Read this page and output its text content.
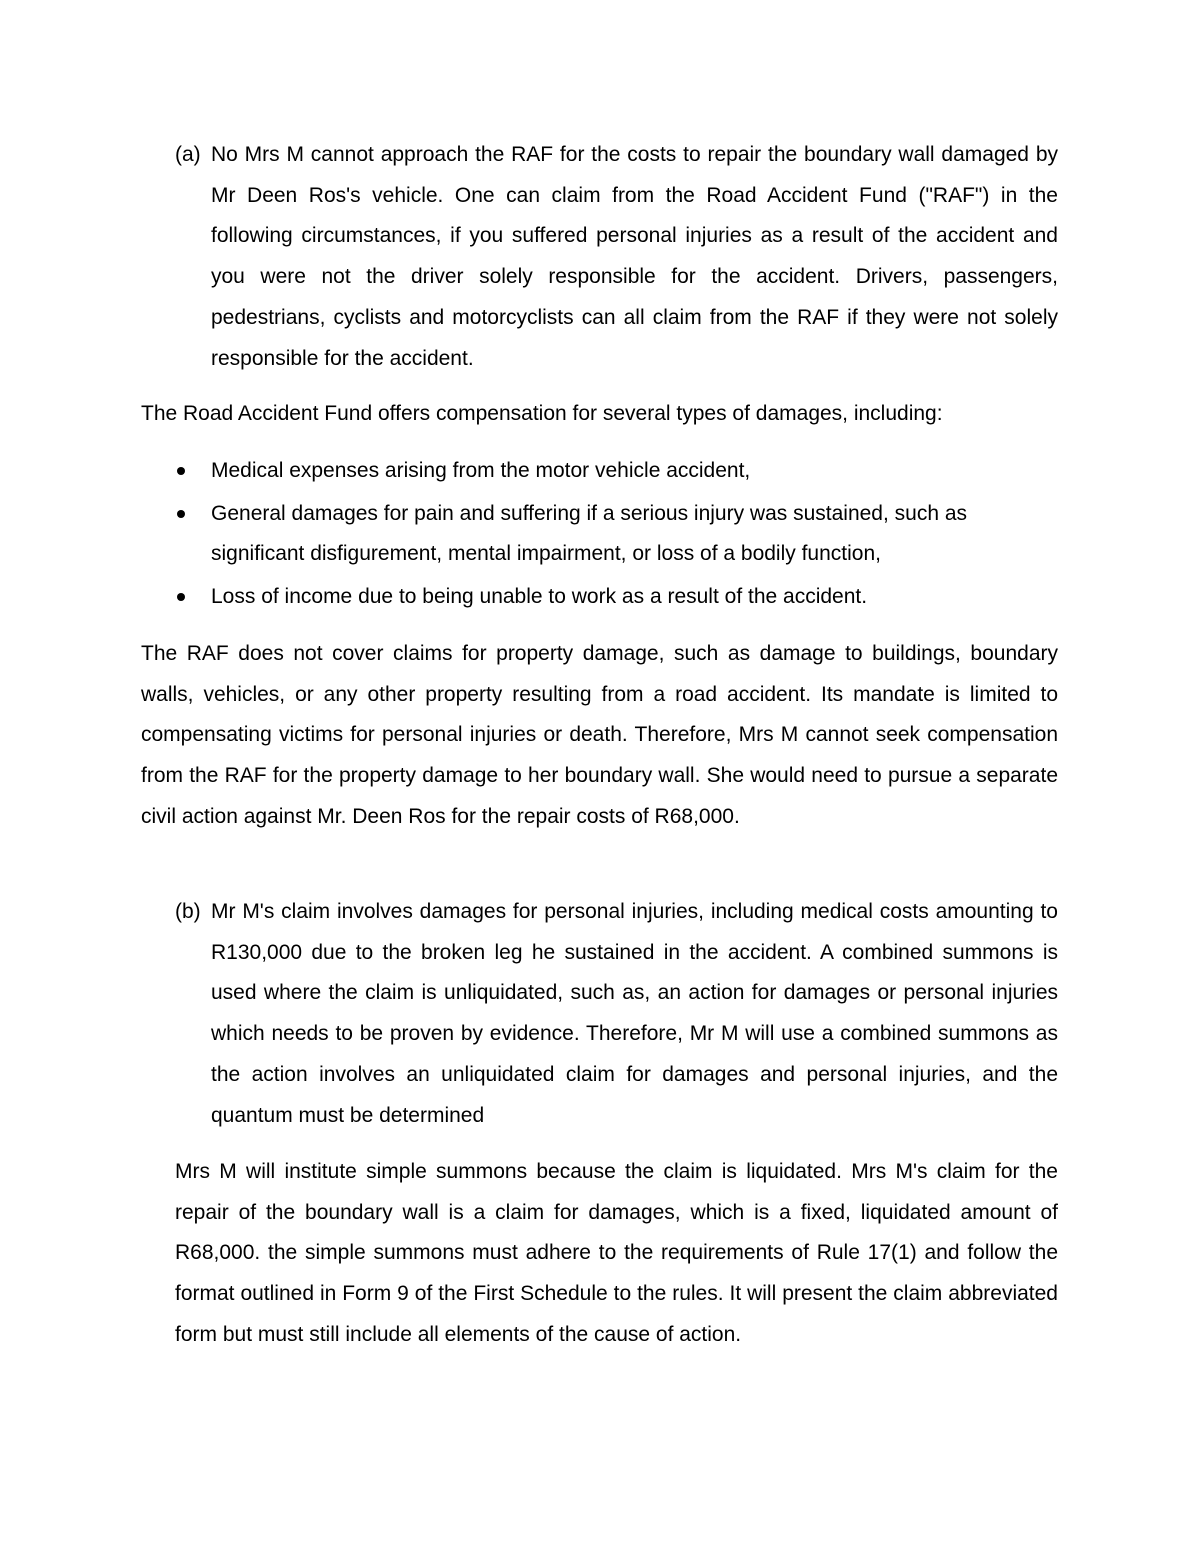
(a) No Mrs M cannot approach the RAF for the costs to repair the boundary wall damaged by Mr Deen Ros's vehicle. One can claim from the Road Accident Fund ("RAF") in the following circumstances, if you suffered personal injuries as a result of the accident and you were not the driver solely responsible for the accident. Drivers, passengers, pedestrians, cyclists and motorcyclists can all claim from the RAF if they were not solely responsible for the accident.

The Road Accident Fund offers compensation for several types of damages, including:

Medical expenses arising from the motor vehicle accident,
General damages for pain and suffering if a serious injury was sustained, such as significant disfigurement, mental impairment, or loss of a bodily function,
Loss of income due to being unable to work as a result of the accident.

The RAF does not cover claims for property damage, such as damage to buildings, boundary walls, vehicles, or any other property resulting from a road accident. Its mandate is limited to compensating victims for personal injuries or death. Therefore, Mrs M cannot seek compensation from the RAF for the property damage to her boundary wall. She would need to pursue a separate civil action against Mr. Deen Ros for the repair costs of R68,000.

(b) Mr M's claim involves damages for personal injuries, including medical costs amounting to R130,000 due to the broken leg he sustained in the accident. A combined summons is used where the claim is unliquidated, such as, an action for damages or personal injuries which needs to be proven by evidence. Therefore, Mr M will use a combined summons as the action involves an unliquidated claim for damages and personal injuries, and the quantum must be determined

Mrs M will institute simple summons because the claim is liquidated. Mrs M's claim for the repair of the boundary wall is a claim for damages, which is a fixed, liquidated amount of R68,000. the simple summons must adhere to the requirements of Rule 17(1) and follow the format outlined in Form 9 of the First Schedule to the rules. It will present the claim abbreviated form but must still include all elements of the cause of action.
